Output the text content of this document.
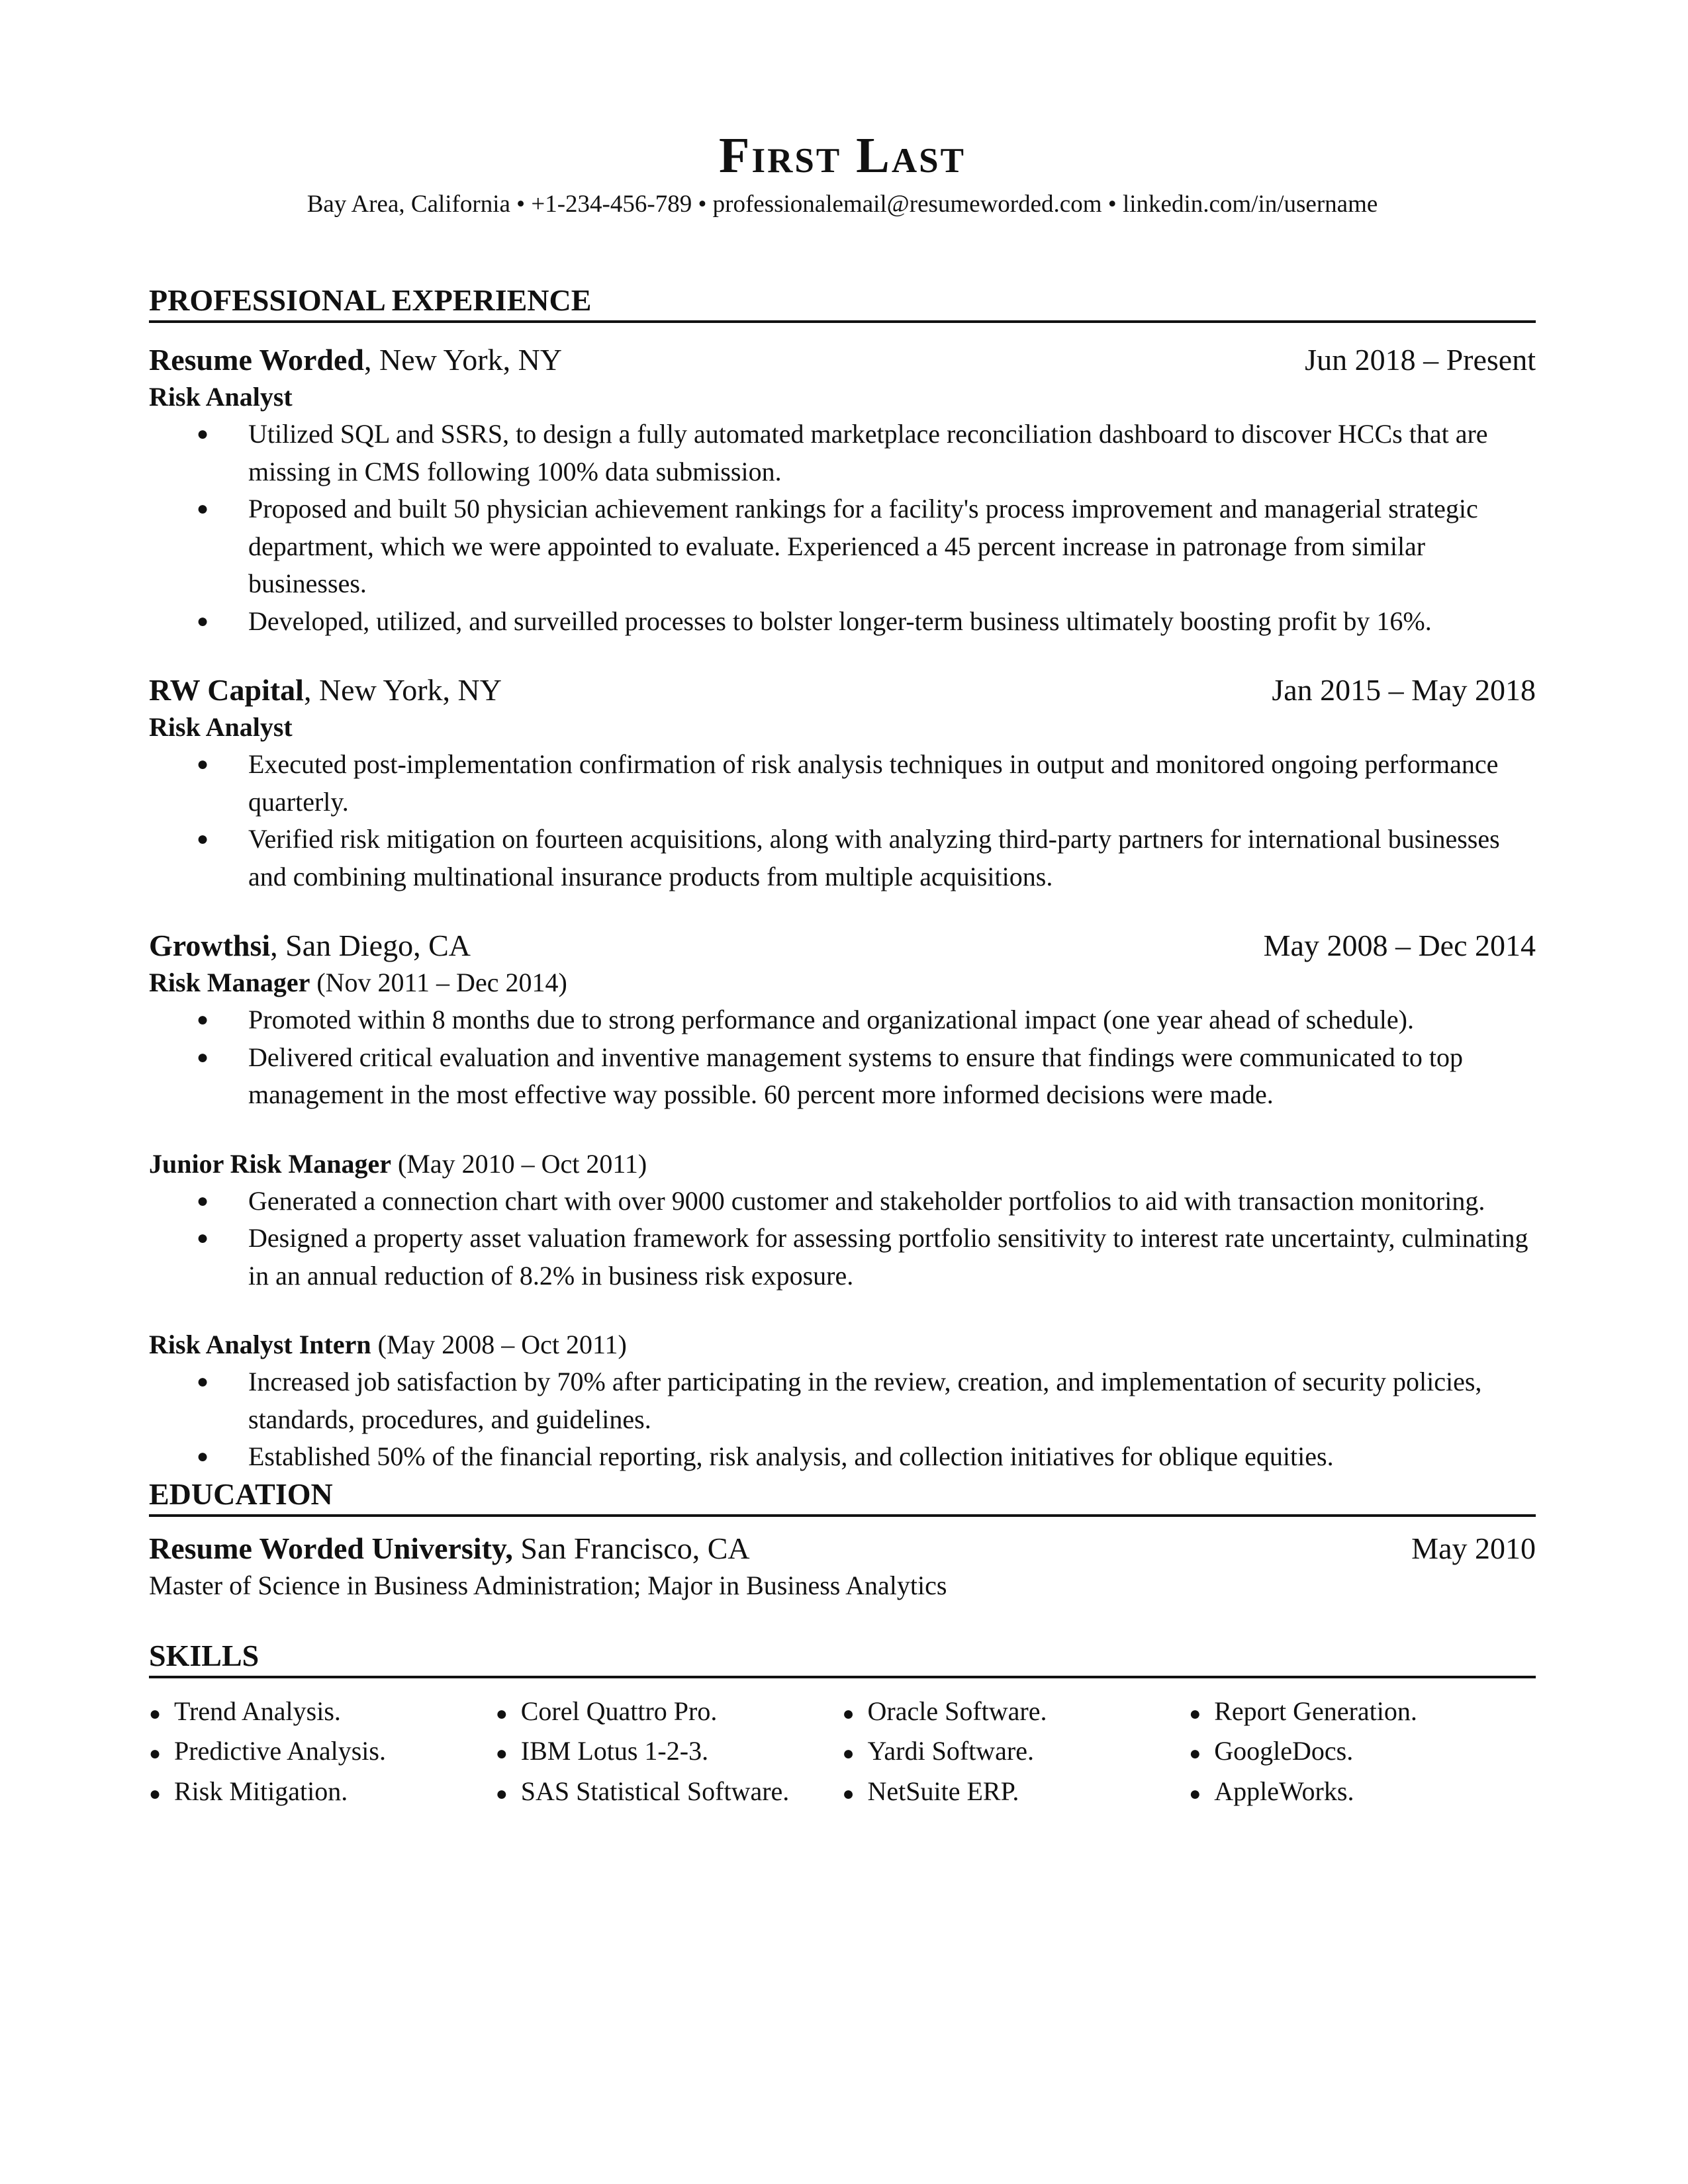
First Last
Bay Area, California • +1-234-456-789 • professionalemail@resumeworded.com • linkedin.com/in/username
PROFESSIONAL EXPERIENCE
Resume Worded, New York, NY	Jun 2018 – Present
Risk Analyst
● Utilized SQL and SSRS, to design a fully automated marketplace reconciliation dashboard to discover HCCs that are missing in CMS following 100% data submission.
● Proposed and built 50 physician achievement rankings for a facility's process improvement and managerial strategic department, which we were appointed to evaluate. Experienced a 45 percent increase in patronage from similar businesses.
● Developed, utilized, and surveilled processes to bolster longer-term business ultimately boosting profit by 16%.
RW Capital, New York, NY	Jan 2015 – May 2018
Risk Analyst
● Executed post-implementation confirmation of risk analysis techniques in output and monitored ongoing performance quarterly.
● Verified risk mitigation on fourteen acquisitions, along with analyzing third-party partners for international businesses and combining multinational insurance products from multiple acquisitions.
Growthsi, San Diego, CA	May 2008 – Dec 2014
Risk Manager (Nov 2011 – Dec 2014)
● Promoted within 8 months due to strong performance and organizational impact (one year ahead of schedule).
● Delivered critical evaluation and inventive management systems to ensure that findings were communicated to top management in the most effective way possible. 60 percent more informed decisions were made.
Junior Risk Manager (May 2010 – Oct 2011)
● Generated a connection chart with over 9000 customer and stakeholder portfolios to aid with transaction monitoring.
● Designed a property asset valuation framework for assessing portfolio sensitivity to interest rate uncertainty, culminating in an annual reduction of 8.2% in business risk exposure.
Risk Analyst Intern (May 2008 – Oct 2011)
● Increased job satisfaction by 70% after participating in the review, creation, and implementation of security policies, standards, procedures, and guidelines.
● Established 50% of the financial reporting, risk analysis, and collection initiatives for oblique equities.
EDUCATION
Resume Worded University, San Francisco, CA	May 2010
Master of Science in Business Administration; Major in Business Analytics
SKILLS
● Trend Analysis.
● Predictive Analysis.
● Risk Mitigation.
● Corel Quattro Pro.
● IBM Lotus 1-2-3.
● SAS Statistical Software.
● Oracle Software.
● Yardi Software.
● NetSuite ERP.
● Report Generation.
● GoogleDocs.
● AppleWorks.
